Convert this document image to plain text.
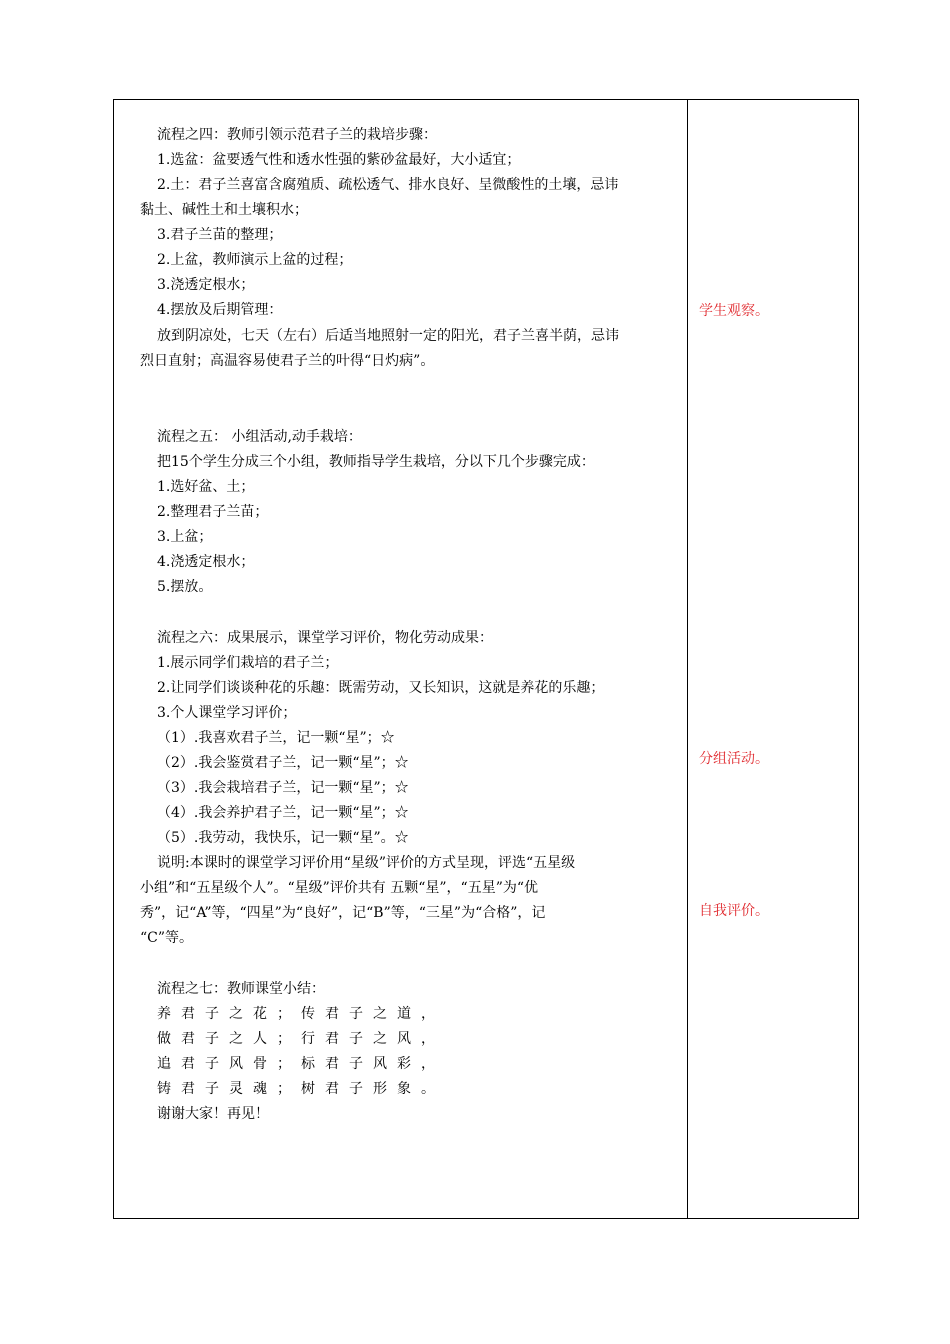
流程之四：教师引领示范君子兰的栽培步骤：
1.选盆：盆要透气性和透水性强的紫砂盆最好，大小适宜；
2.土：君子兰喜富含腐殖质、疏松透气、排水良好、呈微酸性的土壤，忌讳
黏土、碱性土和土壤积水；
3.君子兰苗的整理；
2.上盆，教师演示上盆的过程；
3.浇透定根水；
4.摆放及后期管理：
放到阴凉处，七天（左右）后适当地照射一定的阳光，君子兰喜半荫，忌讳
烈日直射；高温容易使君子兰的叶得“日灼病”。
流程之五： 小组活动,动手栽培：
把15个学生分成三个小组，教师指导学生栽培，分以下几个步骤完成：
1.选好盆、土；
2.整理君子兰苗；
3.上盆；
4.浇透定根水；
5.摆放。
流程之六：成果展示，课堂学习评价，物化劳动成果：
1.展示同学们栽培的君子兰；
2.让同学们谈谈种花的乐趣：既需劳动，又长知识，这就是养花的乐趣；
3.个人课堂学习评价；
（1）.我喜欢君子兰，记一颗“星”；☆
（2）.我会鉴赏君子兰，记一颗“星”；☆
（3）.我会栽培君子兰，记一颗“星”；☆
（4）.我会养护君子兰，记一颗“星”；☆
（5）.我劳动，我快乐，记一颗“星”。☆
说明:本课时的课堂学习评价用“星级”评价的方式呈现，评选“五星级
小组”和“五星级个人”。“星级”评价共有 五颗“星”，“五星”为“优
秀”，记“A”等，“四星”为“良好”，记“B”等，“三星”为“合格”，记
“C”等。
流程之七：教师课堂小结：
养君子之花；传君子之道，
做君子之人；行君子之风，
追君子风骨；标君子风彩，
铸君子灵魂；树君子形象。
谢谢大家！再见！
学生观察。
分组活动。
自我评价。
